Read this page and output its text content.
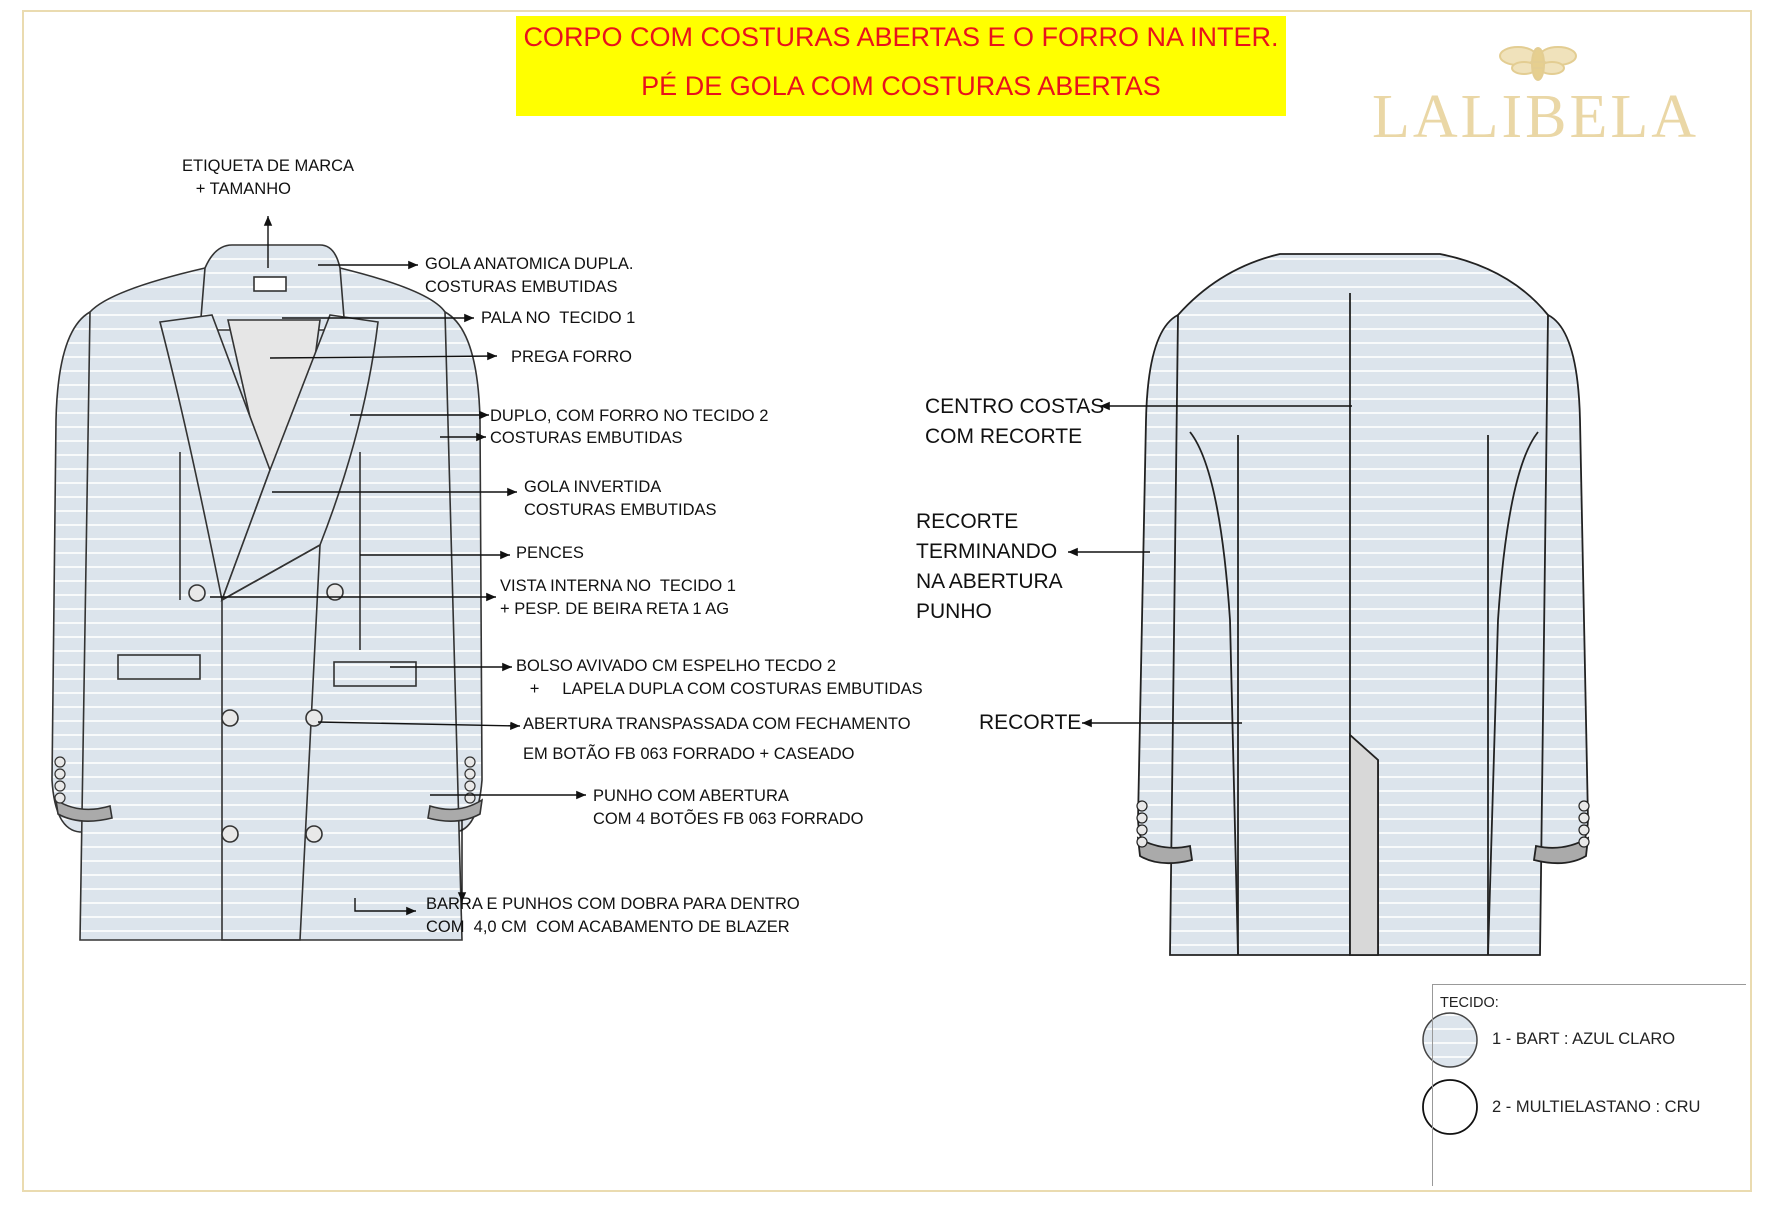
CORPO COM COSTURAS ABERTAS E O FORRO NA INTER.
PÉ DE GOLA COM COSTURAS ABERTAS	LALIBELA
ETIQUETA DE MARCA
+ TAMANHO
GOLA ANATOMICA DUPLA.
COSTURAS EMBUTIDAS
PALA NO  TECIDO 1
PREGA FORRO
DUPLO, COM FORRO NO TECIDO 2
COSTURAS EMBUTIDAS
GOLA INVERTIDA
COSTURAS EMBUTIDAS
PENCES
VISTA INTERNA NO  TECIDO 1
+ PESP. DE BEIRA RETA 1 AG
BOLSO AVIVADO CM ESPELHO TECDO 2
+     LAPELA DUPLA COM COSTURAS EMBUTIDAS
ABERTURA TRANSPASSADA COM FECHAMENTO
EM BOTÃO FB 063 FORRADO + CASEADO
PUNHO COM ABERTURA
COM 4 BOTÕES FB 063 FORRADO
BARRA E PUNHOS COM DOBRA PARA DENTRO
COM  4,0 CM  COM ACABAMENTO DE BLAZER
CENTRO COSTAS
COM RECORTE
RECORTE
TERMINANDO
NA ABERTURA
PUNHO
RECORTE
TECIDO:
1 - BART : AZUL CLARO
2 - MULTIELASTANO : CRU
